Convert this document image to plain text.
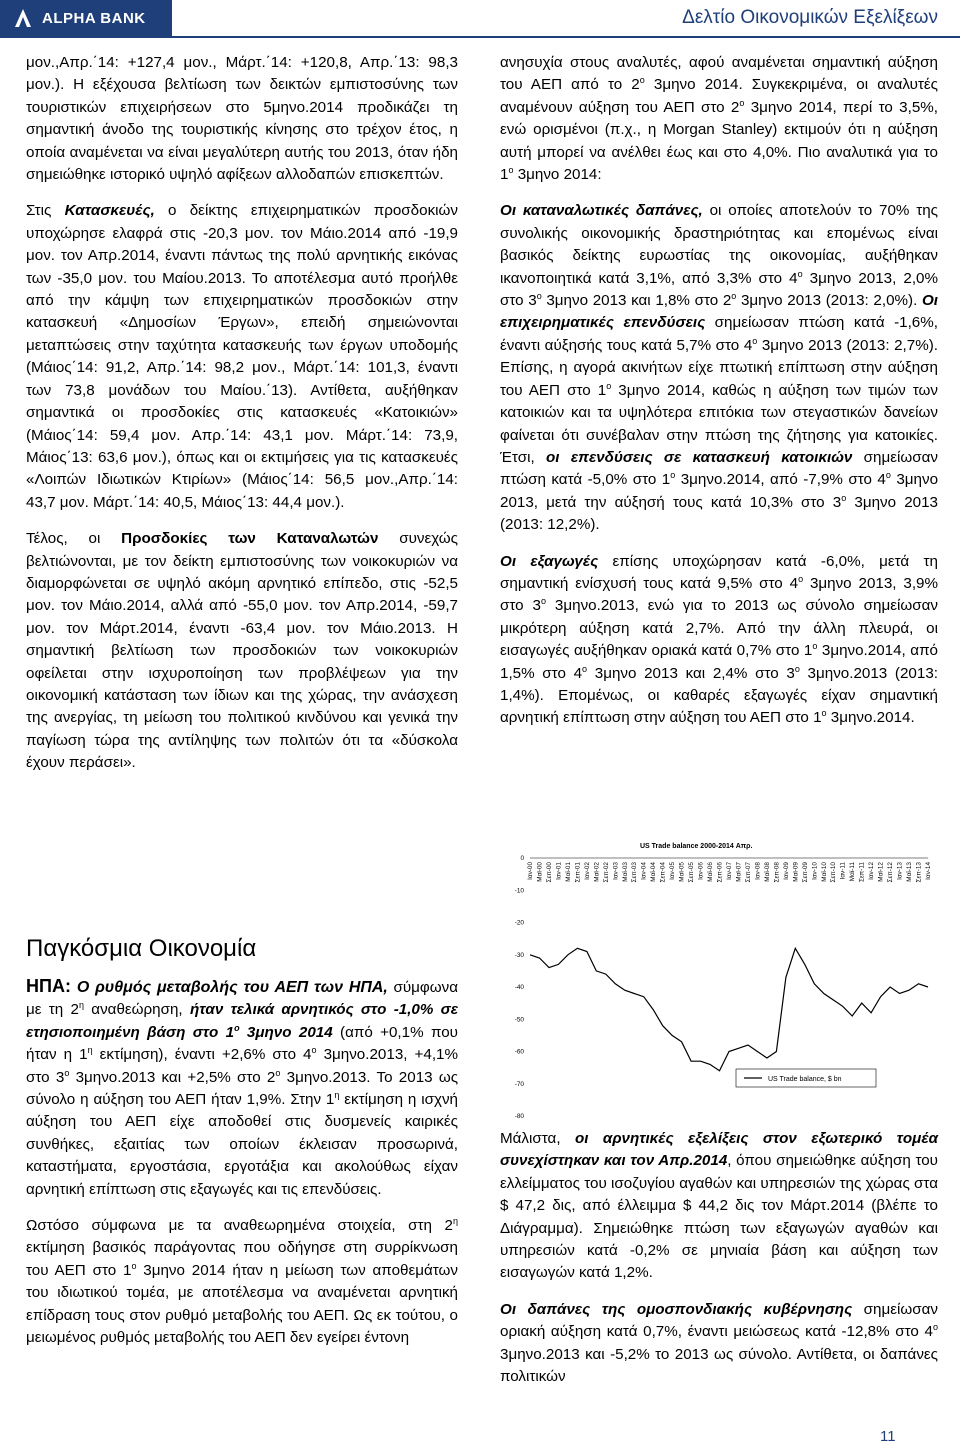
ALPHA BANK	Δελτίο Οικονομικών Εξελίξεων

μον.,Απρ.΄14: +127,4 μον., Μάρτ.΄14: +120,8, Απρ.΄13: 98,3 μον.). Η εξέχουσα βελτίωση των δεικτών εμπιστοσύνης των τουριστικών επιχειρήσεων στο 5μηνο.2014 προδικάζει τη σημαντική άνοδο της τουριστικής κίνησης στο τρέχον έτος, η οποία αναμένεται να είναι μεγαλύτερη αυτής του 2013, όταν ήδη σημειώθηκε ιστορικό υψηλό αφίξεων αλλοδαπών επισκεπτών.

Στις Κατασκευές, ο δείκτης επιχειρηματικών προσδοκιών υποχώρησε ελαφρά στις -20,3 μον. τον Μάιο.2014 από -19,9 μον. τον Απρ.2014, έναντι πάντως της πολύ αρνητικής εικόνας των -35,0 μον. του Μαίου.2013. Το αποτέλεσμα αυτό προήλθε από την κάμψη των επιχειρηματικών προσδοκιών στην κατασκευή «Δημοσίων Έργων», επειδή σημειώνονται μεταπτώσεις στην ταχύτητα κατασκευής των έργων υποδομής (Μάιος΄14: 91,2, Απρ.΄14: 98,2 μον., Μάρτ.΄14: 101,3, έναντι των 73,8 μονάδων του Μαίου.΄13). Αντίθετα, αυξήθηκαν σημαντικά οι προσδοκίες στις κατασκευές «Κατοικιών» (Μάιος΄14: 59,4 μον. Απρ.΄14: 43,1 μον. Μάρτ.΄14: 73,9, Μάιος΄13: 63,6 μον.), όπως και οι εκτιμήσεις για τις κατασκευές «Λοιπών Ιδιωτικών Κτιρίων» (Μάιος΄14: 56,5 μον.,Απρ.΄14: 43,7 μον. Μάρτ.΄14: 40,5, Μάιος΄13: 44,4 μον.).

Τέλος, οι Προσδοκίες των Καταναλωτών συνεχώς βελτιώνονται, με τον δείκτη εμπιστοσύνης των νοικοκυριών να διαμορφώνεται σε υψηλό ακόμη αρνητικό επίπεδο, στις -52,5 μον. τον Μάιο.2014, αλλά από -55,0 μον. τον Απρ.2014, -59,7 μον. τον Μάρτ.2014, έναντι -63,4 μον. τον Μάιο.2013. Η σημαντική βελτίωση των προσδοκιών των νοικοκυριών οφείλεται στην ισχυροποίηση των προβλέψεων για την οικονομική κατάσταση των ίδιων και της χώρας, την ανάσχεση της ανεργίας, τη μείωση του πολιτικού κινδύνου και γενικά την παγίωση τώρα της αντίληψης των πολιτών ότι τα «δύσκολα έχουν περάσει».

Παγκόσμια Οικονομία

ΗΠΑ: Ο ρυθμός μεταβολής του ΑΕΠ των ΗΠΑ, σύμφωνα με τη $2^\eta$ αναθεώρηση, ήταν τελικά αρνητικός στο -1,0% σε ετησιοποιημένη βάση στο $1^o$ 3μηνο 2014 (από +0,1% που ήταν η $1^\eta$ εκτίμηση), έναντι +2,6% στο $4^o$ 3μηνο.2013, +4,1% στο $3^o$ 3μηνο.2013 και +2,5% στο $2^o$ 3μηνο.2013. Το 2013 ως σύνολο η αύξηση του ΑΕΠ ήταν 1,9%. Στην $1^\eta$ εκτίμηση η ισχνή αύξηση του ΑΕΠ είχε αποδοθεί στις δυσμενείς καιρικές συνθήκες, εξαιτίας των οποίων έκλεισαν προσωρινά, καταστήματα, εργοστάσια, εργοτάξια και ακολούθως είχαν αρνητική επίπτωση στις εξαγωγές και τις επενδύσεις.

Ωστόσο σύμφωνα με τα αναθεωρημένα στοιχεία, στη $2^\eta$ εκτίμηση βασικός παράγοντας που οδήγησε στη συρρίκνωση του ΑΕΠ στο $1^o$ 3μηνο 2014 ήταν η μείωση των αποθεμάτων του ιδιωτικού τομέα, με αποτέλεσμα να αναμένεται αρνητική επίδραση τους στον ρυθμό μεταβολής του ΑΕΠ. Ως εκ τούτου, ο μειωμένος ρυθμός μεταβολής του ΑΕΠ δεν εγείρει έντονη

ανησυχία στους αναλυτές, αφού αναμένεται σημαντική αύξηση του ΑΕΠ από το $2^o$ 3μηνο 2014. Συγκεκριμένα, οι αναλυτές αναμένουν αύξηση του ΑΕΠ στο $2^o$ 3μηνο 2014, περί το 3,5%, ενώ ορισμένοι (π.χ., η Morgan Stanley) εκτιμούν ότι η αύξηση αυτή μπορεί να ανέλθει έως και στο 4,0%. Πιο αναλυτικά για το $1^o$ 3μηνο 2014:

Οι καταναλωτικές δαπάνες, οι οποίες αποτελούν το 70% της συνολικής οικονομικής δραστηριότητας και επομένως είναι βασικός δείκτης ευρωστίας της οικονομίας, αυξήθηκαν ικανοποιητικά κατά 3,1%, από 3,3% στο $4^o$ 3μηνο 2013, 2,0% στο $3^o$ 3μηνο 2013 και 1,8% στο $2^o$ 3μηνο 2013 (2013: 2,0%). Οι επιχειρηματικές επενδύσεις σημείωσαν πτώση κατά -1,6%, έναντι αύξησής τους κατά 5,7% στο $4^o$ 3μηνο 2013 (2013: 2,7%). Επίσης, η αγορά ακινήτων είχε πτωτική επίπτωση στην αύξηση του ΑΕΠ στο $1^o$ 3μηνο 2014, καθώς η αύξηση των τιμών των κατοικιών και τα υψηλότερα επιτόκια των στεγαστικών δανείων φαίνεται ότι συνέβαλαν στην πτώση της ζήτησης για κατοικίες. Έτσι, οι επενδύσεις σε κατασκευή κατοικιών σημείωσαν πτώση κατά -5,0% στο $1^o$ 3μηνο.2014, από -7,9% στο $4^o$ 3μηνο 2013, μετά την αύξησή τους κατά 10,3% στο $3^o$ 3μηνο 2013 (2013: 12,2%).

Οι εξαγωγές επίσης υποχώρησαν κατά -6,0%, μετά τη σημαντική ενίσχυσή τους κατά 9,5% στο $4^o$ 3μηνο 2013, 3,9% στο $3^o$ 3μηνο.2013, ενώ για το 2013 ως σύνολο σημείωσαν μικρότερη αύξηση κατά 2,7%. Από την άλλη πλευρά, οι εισαγωγές αυξήθηκαν οριακά κατά 0,7% στο $1^o$ 3μηνο.2014, από 1,5% στο $4^o$ 3μηνο 2013 και 2,4% στο $3^o$ 3μηνο.2013 (2013: 1,4%). Επομένως, οι καθαρές εξαγωγές είχαν σημαντική αρνητική επίπτωση στην αύξηση του ΑΕΠ στο $1^o$ 3μηνο.2014.

US Trade balance 2000-2014 Απρ.
0
-10
-20
-30
-40
-50
-60
-70
-80
Ιαν-00 Μαϊ-00 Σεπ-00 Ιαν-01 Μαϊ-01 Σεπ-01 Ιαν-02 Μαϊ-02 Σεπ-02 Ιαν-03 Μαϊ-03 Σεπ-03 Ιαν-04 Μαϊ-04 Σεπ-04 Ιαν-05 Μαϊ-05 Σεπ-05 Ιαν-06 Μαϊ-06 Σεπ-06 Ιαν-07 Μαϊ-07 Σεπ-07 Ιαν-08 Μαϊ-08 Σεπ-08 Ιαν-09 Μαϊ-09 Σεπ-09 Ιαν-10 Μαϊ-10 Σεπ-10 Ιαν-11 Μαϊ-11 Σεπ-11 Ιαν-12 Μαϊ-12 Σεπ-12 Ιαν-13 Μαϊ-13 Σεπ-13 Ιαν-14
US Trade balance, $ bn

Μάλιστα, οι αρνητικές εξελίξεις στον εξωτερικό τομέα συνεχίστηκαν και τον Απρ.2014, όπου σημειώθηκε αύξηση του ελλείμματος του ισοζυγίου αγαθών και υπηρεσιών της χώρας στα $ 47,2 δις, από έλλειμμα $ 44,2 δις τον Μάρτ.2014 (βλέπε το Διάγραμμα). Σημειώθηκε πτώση των εξαγωγών αγαθών και υπηρεσιών κατά -0,2% σε μηνιαία βάση και αύξηση των εισαγωγών κατά 1,2%.

Οι δαπάνες της ομοσπονδιακής κυβέρνησης σημείωσαν οριακή αύξηση κατά 0,7%, έναντι μειώσεως κατά -12,8% στο $4^o$ 3μηνο.2013 και -5,2% το 2013 ως σύνολο. Αντίθετα, οι δαπάνες πολιτικών

11
